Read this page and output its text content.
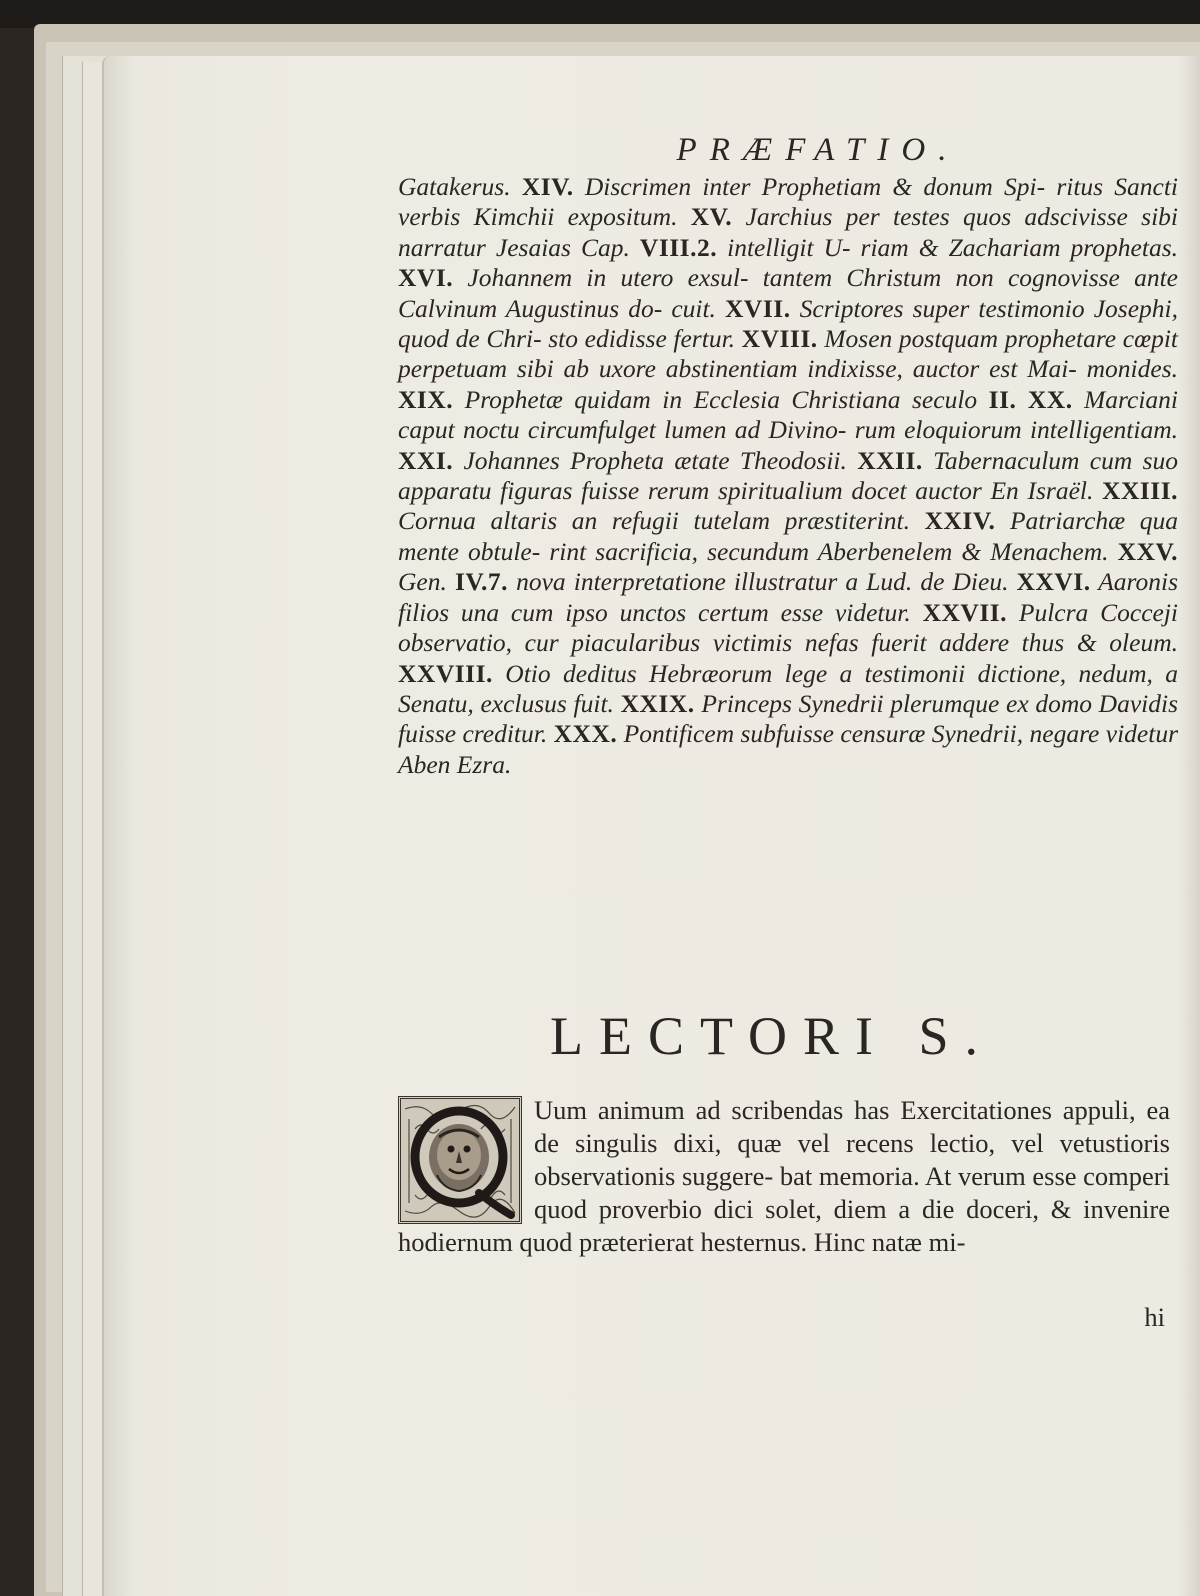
PRÆFATIO.
Gatakerus. XIV. Discrimen inter Prophetiam & donum Spi- ritus Sancti verbis Kimchii expositum. XV. Jarchius per testes quos adscivisse sibi narratur Jesaias Cap. VIII.2. intelligit U- riam & Zachariam prophetas. XVI. Johannem in utero exsul- tantem Christum non cognovisse ante Calvinum Augustinus do- cuit. XVII. Scriptores super testimonio Josephi, quod de Chri- sto edidisse fertur. XVIII. Mosen postquam prophetare cœpit perpetuam sibi ab uxore abstinentiam indixisse, auctor est Mai- monides. XIX. Prophetæ quidam in Ecclesia Christiana seculo II. XX. Marciani caput noctu circumfulget lumen ad Divino- rum eloquiorum intelligentiam. XXI. Johannes Propheta ætate Theodosii. XXII. Tabernaculum cum suo apparatu figuras fuisse rerum spiritualium docet auctor En Israël. XXIII. Cornua altaris an refugii tutelam præstiterint. XXIV. Patriarchæ qua mente obtule- rint sacrificia, secundum Aberbenelem & Menachem. XXV. Gen. IV.7. nova interpretatione illustratur a Lud. de Dieu. XXVI. Aaronis filios una cum ipso unctos certum esse videtur. XXVII. Pulcra Cocceji observatio, cur piacularibus victimis nefas fuerit addere thus & oleum. XXVIII. Otio deditus Hebræorum lege a testimonii dictione, nedum, a Senatu, exclusus fuit. XXIX. Princeps Synedrii plerumque ex domo Davidis fuisse creditur. XXX. Pontificem subfuisse censuræ Synedrii, negare videtur Aben Ezra.
LECTORI S.
Uum animum ad scribendas has Exercitationes appuli, ea de singulis dixi, quæ vel recens lectio, vel vetustioris observationis suggere- bat memoria. At verum esse comperi quod proverbio dici solet, diem a die doceri, & invenire hodiernum quod præterierat hesternus. Hinc natæ mi-
hi
